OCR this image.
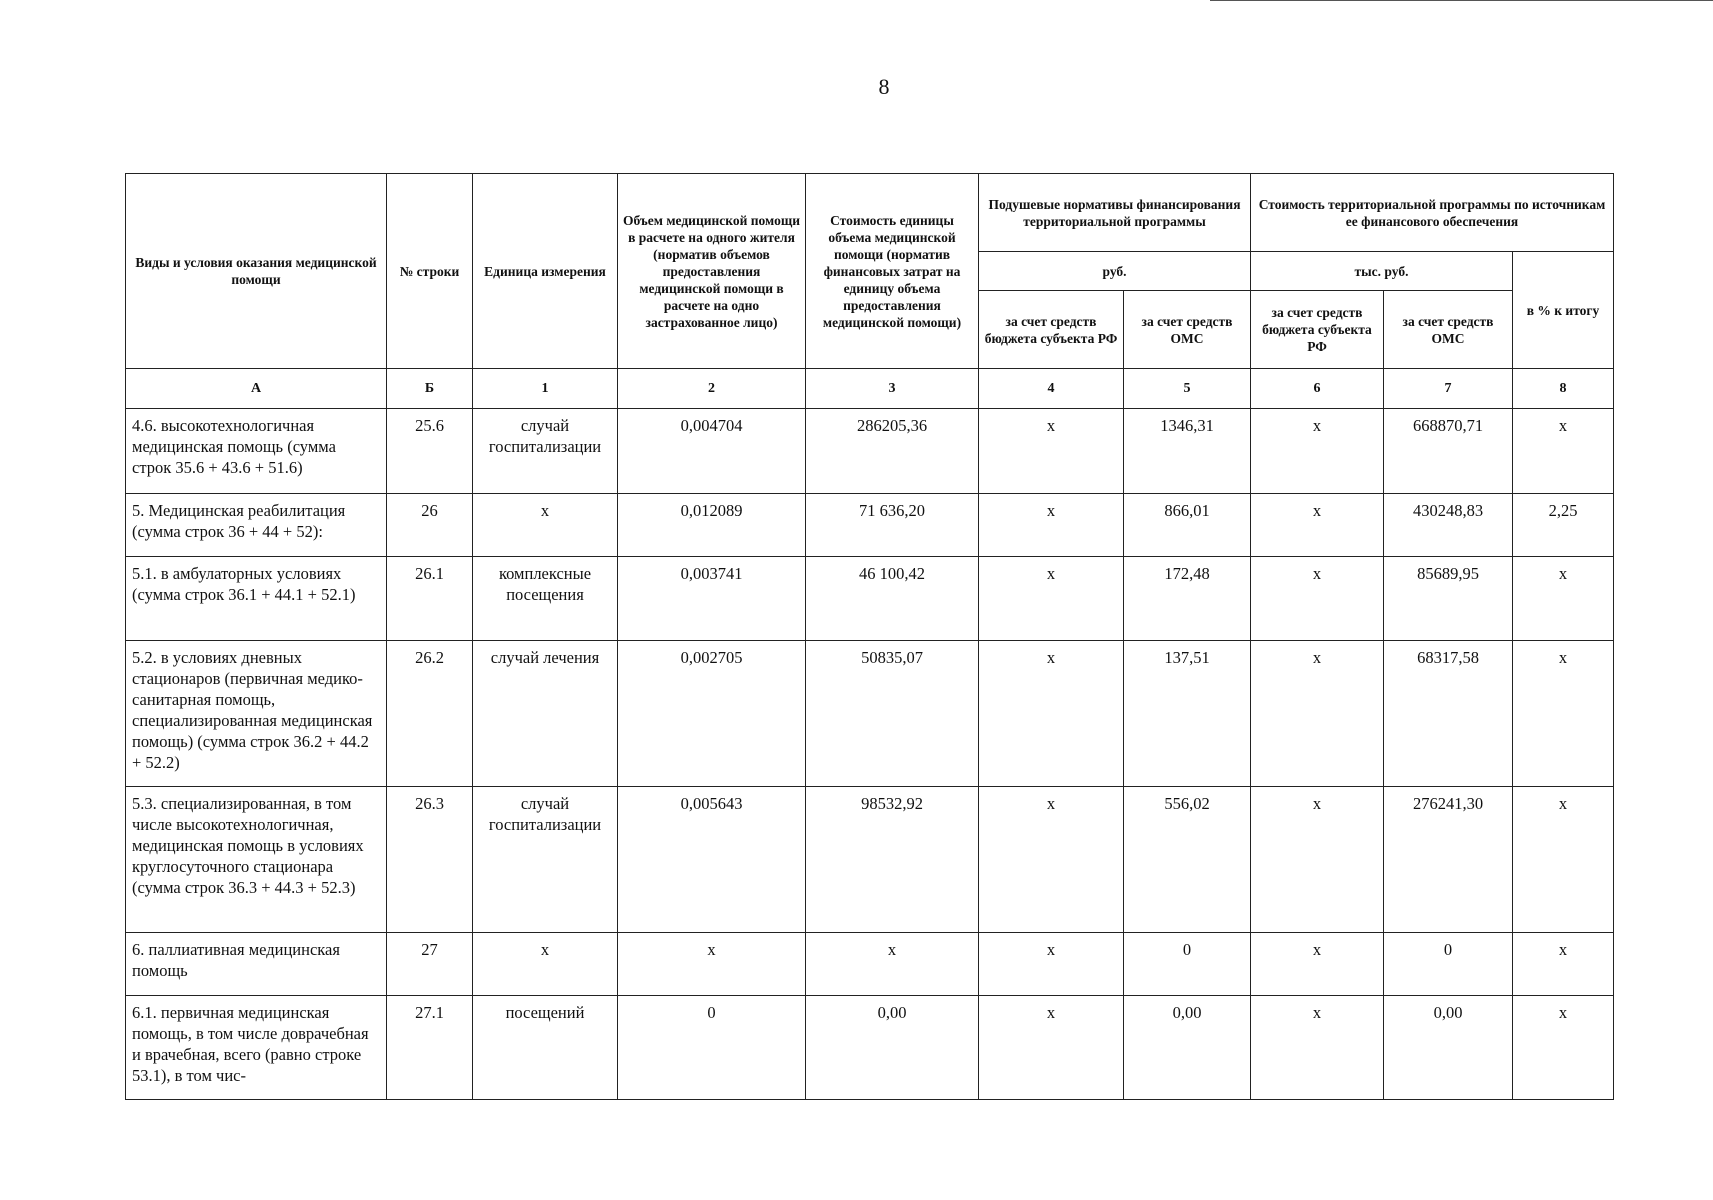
8
Виды и условия оказания медицинской помощи	№ строки	Единица измерения	Объем медицинской помощи в расчете на одного жителя (норматив объемов предоставления медицинской помощи в расчете на одно застрахованное лицо)	Стоимость единицы объема медицинской помощи (норматив финансовых затрат на единицу объема предоставления медицинской помощи)	Подушевые нормативы финансирования территориальной программы		Стоимость территориальной программы по источникам ее финансового обеспечения		
					руб.		тыс. руб.		в % к итогу
					за счет средств бюджета субъекта РФ	за счет средств ОМС	за счет средств бюджета субъекта РФ	за счет средств ОМС	
А	Б	1	2	3	4	5	6	7	8
4.6. высокотехнологичная медицинская помощь (сумма строк 35.6 + 43.6 + 51.6)	25.6	случай госпитализации	0,004704	286205,36	х	1346,31	х	668870,71	х
5. Медицинская реабилитация (сумма строк 36 + 44 + 52):	26	х	0,012089	71 636,20	х	866,01	х	430248,83	2,25
5.1. в амбулаторных условиях (сумма строк 36.1 + 44.1 + 52.1)	26.1	комплексные посещения	0,003741	46 100,42	х	172,48	х	85689,95	х
5.2. в условиях дневных стационаров (первичная медико-санитарная помощь, специализированная медицинская помощь) (сумма строк 36.2 + 44.2 + 52.2)	26.2	случай лечения	0,002705	50835,07	х	137,51	х	68317,58	х
5.3. специализированная, в том числе высокотехнологичная, медицинская помощь в условиях круглосуточного стационара (сумма строк 36.3 + 44.3 + 52.3)	26.3	случай госпитализации	0,005643	98532,92	х	556,02	х	276241,30	х
6. паллиативная медицинская помощь	27	х	х	х	х	0	х	0	х
6.1. первичная медицинская помощь, в том числе доврачебная и врачебная, всего (равно строке 53.1), в том чис-	27.1	посещений	0	0,00	х	0,00	х	0,00	х
